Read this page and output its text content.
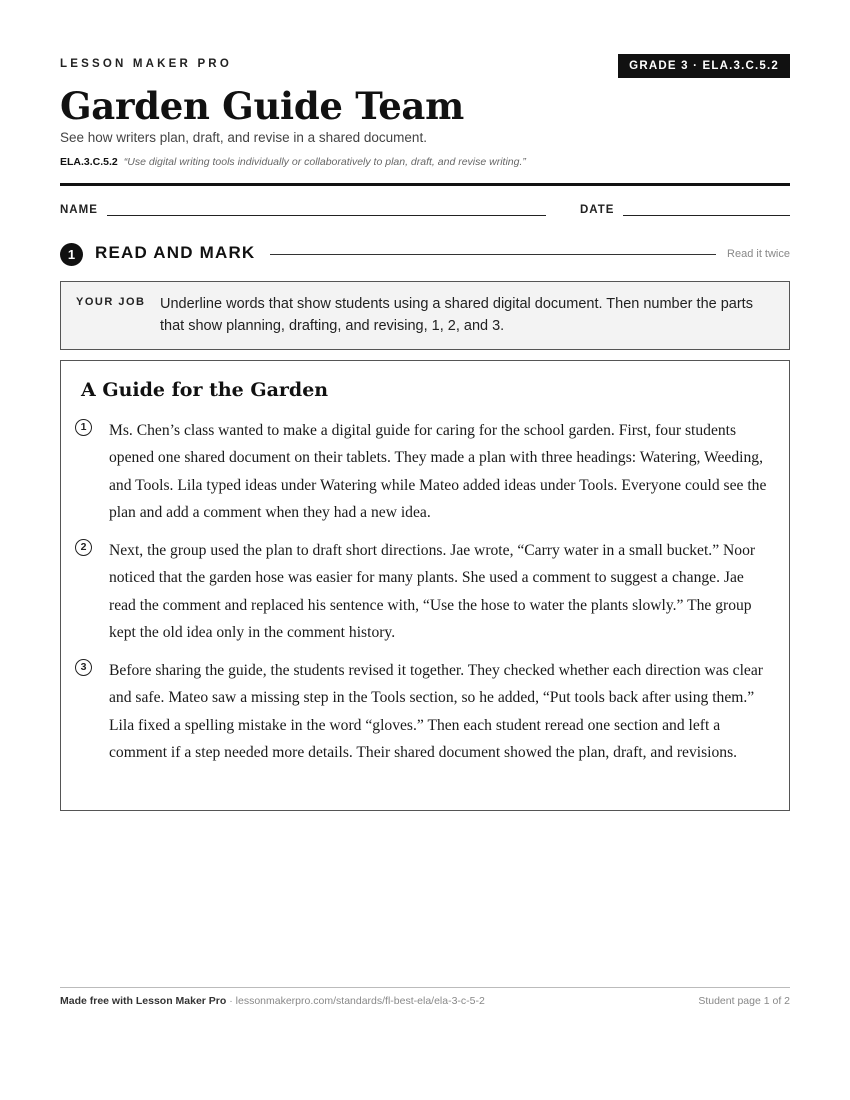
LESSON MAKER PRO	GRADE 3 · ELA.3.C.5.2
Garden Guide Team
See how writers plan, draft, and revise in a shared document.
ELA.3.C.5.2 “Use digital writing tools individually or collaboratively to plan, draft, and revise writing.”
NAME	DATE
1	READ AND MARK	Read it twice
YOUR JOB Underline words that show students using a shared digital document. Then number the parts that show planning, drafting, and revising, 1, 2, and 3.
A Guide for the Garden
1	Ms. Chen’s class wanted to make a digital guide for caring for the school garden. First, four students opened one shared document on their tablets. They made a plan with three headings: Watering, Weeding, and Tools. Lila typed ideas under Watering while Mateo added ideas under Tools. Everyone could see the plan and add a comment when they had a new idea.

2	Next, the group used the plan to draft short directions. Jae wrote, “Carry water in a small bucket.” Noor noticed that the garden hose was easier for many plants. She used a comment to suggest a change. Jae read the comment and replaced his sentence with, “Use the hose to water the plants slowly.” The group kept the old idea only in the comment history.

3	Before sharing the guide, the students revised it together. They checked whether each direction was clear and safe. Mateo saw a missing step in the Tools section, so he added, “Put tools back after using them.” Lila fixed a spelling mistake in the word “gloves.” Then each student reread one section and left a comment if a step needed more details. Their shared document showed the plan, draft, and revisions.

Made free with Lesson Maker Pro · lessonmakerpro.com/standards/fl-best-ela/ela-3-c-5-2	Student page 1 of 2
